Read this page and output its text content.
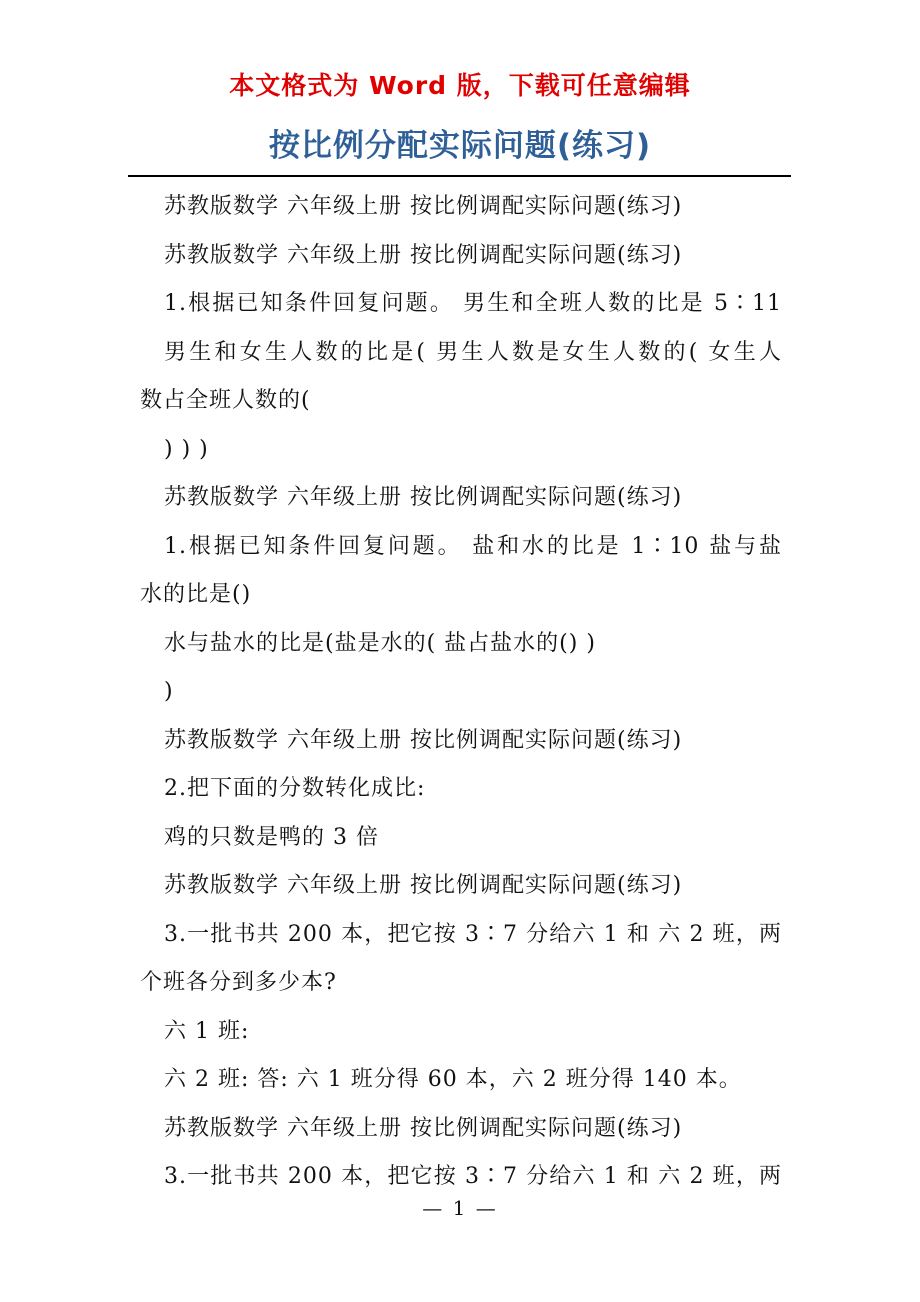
本文格式为 Word 版，下载可任意编辑
按比例分配实际问题(练习)
苏教版数学 六年级上册 按比例调配实际问题(练习)
苏教版数学 六年级上册 按比例调配实际问题(练习)
1.根据已知条件回复问题。 男生和全班人数的比是 5∶11
男生和女生人数的比是( 男生人数是女生人数的( 女生人
数占全班人数的(
) ) )
苏教版数学 六年级上册 按比例调配实际问题(练习)
1.根据已知条件回复问题。 盐和水的比是 1∶10 盐与盐
水的比是()
水与盐水的比是(盐是水的( 盐占盐水的() )
)
苏教版数学 六年级上册 按比例调配实际问题(练习)
2.把下面的分数转化成比:
鸡的只数是鸭的 3 倍
苏教版数学 六年级上册 按比例调配实际问题(练习)
3.一批书共 200 本，把它按 3∶7 分给六 1 和 六 2 班，两
个班各分到多少本?
六 1 班:
六 2 班: 答: 六 1 班分得 60 本，六 2 班分得 140 本。
苏教版数学 六年级上册 按比例调配实际问题(练习)
3.一批书共 200 本，把它按 3∶7 分给六 1 和 六 2 班，两
— 1 —
